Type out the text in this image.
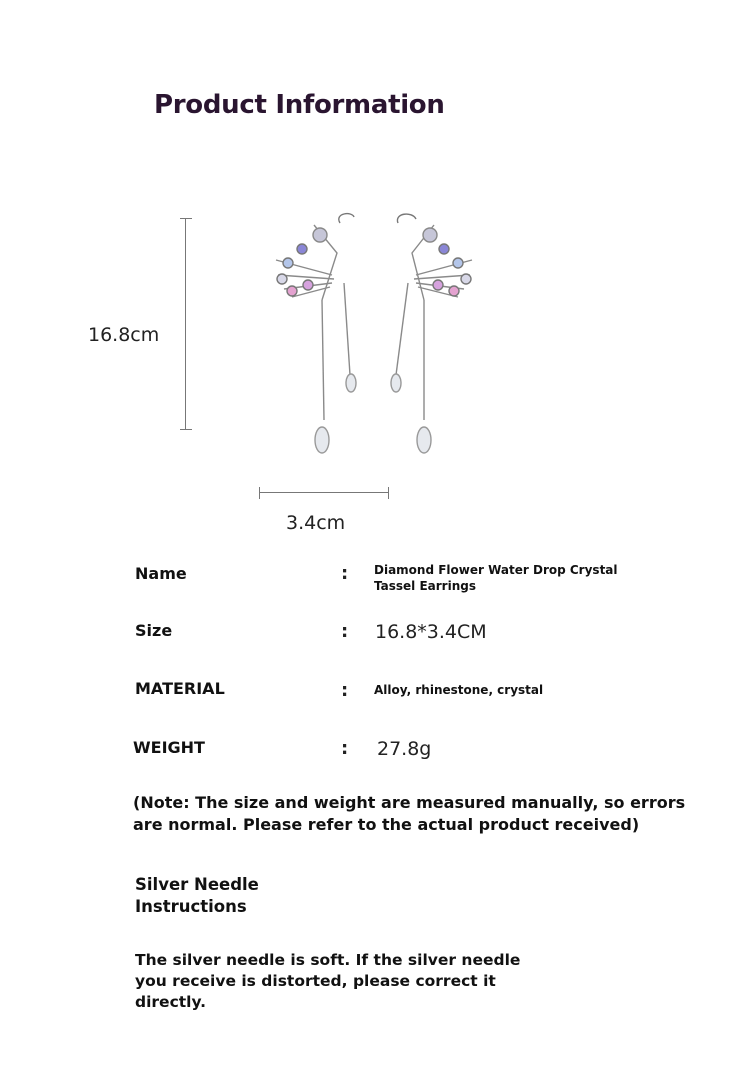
Product Information
16.8cm
3.4cm
Name	: Diamond Flower Water Drop Crystal Tassel Earrings
Size	: 16.8*3.4CM
MATERIAL	: Alloy, rhinestone, crystal
WEIGHT	: 27.8g
(Note: The size and weight are measured manually, so errors are normal. Please refer to the actual product received)
Silver Needle Instructions
The silver needle is soft. If the silver needle you receive is distorted, please correct it directly.
